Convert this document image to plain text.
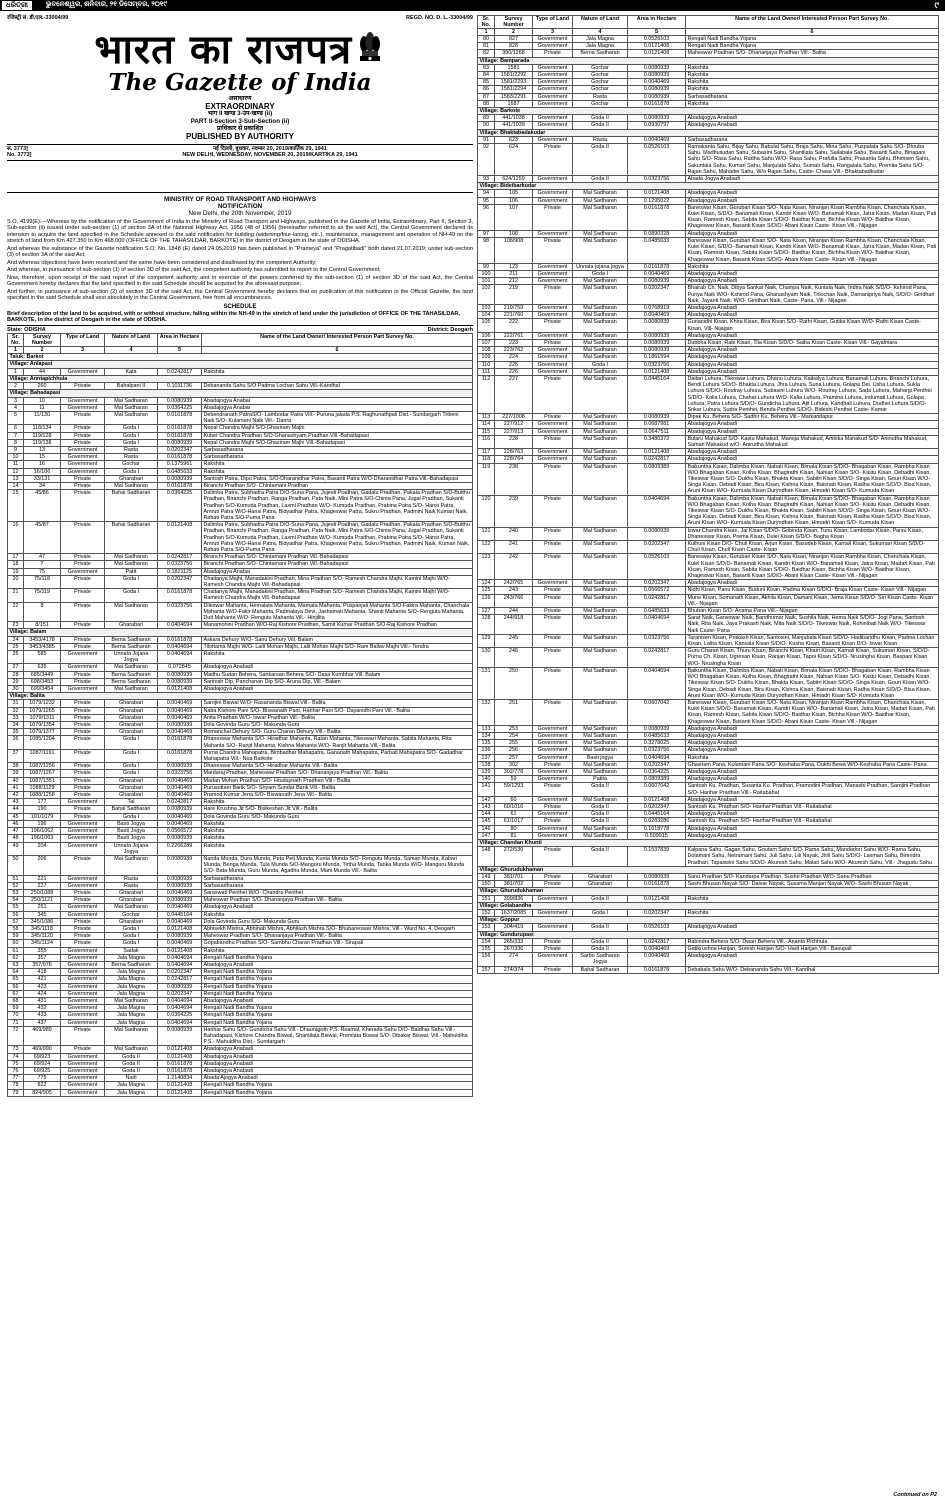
ଧରିତ୍ରୀ	ଭୁବନେଶ୍ୱର, ଶନିବାର, ୨୧ ଡିସେମ୍ବର, ୨୦୧୯	୯
रजिस्ट्री सं. डी.एल.-33004/99	REGD. NO. D. L.-33004/99
भारत का राजपत्र
The Gazette of India
असाधारण
EXTRAORDINARY
भाग II खण्ड 3-उप-खण्ड (ii)
PART II-Section 3-Sub-Section (ii)
प्राधिकार से प्रकाशित
PUBLISHED BY AUTHORITY
सं. 3773]	नई दिल्ली, बुधवार, नवम्बर 20, 2019/कार्तिक 29, 1941
No. 3773]	NEW DELHI, WEDNESDAY, NOVEMBER 20, 2019/KARTIKA 29, 1941
MINISTRY OF ROAD TRANSPORT AND HIGHWAYS
NOTIFICATION
New Delhi, the 20th November, 2019
S.O. 4199(E).—Whereas by the notification of the Government of India in the Ministry of Road Transport and Highways, published in the Gazette of India, Extraordinary, Part II, Section 3, Sub-section (ii) issued under sub-section (1) of section 3A of the National Highway Act, 1956 (48 of 1956) (hereinafter referred to as the said Act), the Central Government declared its intension to acquire the land specified in the Schedule annexed to the said notification for building (widening/four-laning, etc.), maintenance, management and operation of NH-49 on the stretch of land from Km 427.350 to Km 468.000 (OFFICE OF THE TAHASILDAR, BARKOTE) in the district of Deogarh in the state of ODISHA.
And whereas the substance of the Gazette notification S.O. No. 1848 (E) dated 24.05.2019 has been published in "Prameya" and "Pragatibadi" both dated 21.07.2019; under sub-section (3) of section 3A of the said Act;
And whereas objections have been received and the same have been considered and disallowed by the competent Authority;
And whereas, in pursuance of sub-section (1) of section 3D of the said Act, the competent authority has submitted its report to the Central Government;
Now, therefore, upon receipt of the said report of the competent authority and in exercise of the powers conferred by the sub-section (1) of section 3D of the said Act, the Central Government hereby declares that the land specified in the said Schedule should be acquired for the aforesaid purpose;
And further, in pursuance of sub-section (2) of section 3D of the said Act, the Central Government hereby declares that on publication of this notification in the Official Gazette, the land specified in the said Schedule shall vest absolutely in the Central Government, free from all encumbrances.
SCHEDULE
Brief description of the land to be acquired, with or without structure, falling within the NH-49 in the stretch of land under the jurisdiction of OFFICE OF THE TAHASILDAR, BARKOTE, in the district of Deogarh in the state of ODISHA.
State: ODISHA	District: Deogarh
Sr. No.	Survey Number	Type of Land	Nature of Land	Area in Hectare	Name of the Land Owner/ Interested Person Part Survey No.
1	2	3	4	5	6
Taluk: Barkot					
Village: Anlapasi					
1	44	Government	Kata	0.0242817	Rakshita
Village: Anntapichhula					
2	260	Private	Bahalpani II	0.1011736	Debananda Sahu S/O Padma Lochan Sahu Vill.-Kandhal
Village: Bahadapasi					
3	10	Government	Mal Sadharan	0.0080939	Abadajogya Anabai
4	11	Government	Mal Sadharan	0.0364225	Abadajogya Anabai
5	11/130	Private	Mal Sadharan	0.0161878	Debendranath PatraS/O- Lambodar Patra Vill.- Puruna jalada P.S. Raghunathpali Dist.- Sundargarh Tribeni Naik S/O- Kulamani Naik Vill.- Danra
6	118/134	Private	Goda I	0.0161878	Nepal Chandra Majhi S/O-Ghasiram Majhi
7	119/128	Private	Goda I	0.0161878	Kuber Chandra Pradhan S/O-Ghanashyam Pradhan Vill.-Bahadapasi
8	119/138	Private	Goda I	0.0080939	Nepal Chandra Majhi S/O-Ghasiram Majhi Vill.-Bahadapasi
9	13	Government	Rasta	0.0202347	Sarbasadharana
10	15	Government	Rasta	0.0161878	Sarbasadharana
11	16	Government	Gochar	0.1375961	Rakshita
12	16/106	Government	Goda I	0.0485633	Rakshita
13	33/131	Private	Gharabari	0.0080939	Santosh Patra, Dipu Patra, S/O-Dharanidhar Patra, Basanti Patra W/O-Dharanidhar Patra Vill.-Bahadapasi
14	34	Private	Mal Sadharan	0.0161878	Biranchi Pradhan S/O- Chintamani Pradhan
15	45/86	Private	Bahal Sadharan	0.0364225	Dalimba Patra, Subhadra Patra D/O-Suna Pana, Jujesti Pradhan, Gadalu Pradhan, Pakala Pradhan S/O-Butthu Pradhan, Biranchi Pradhan, Ranga Pradhan, Pata Naik, Mini Patra S/O-Chinta Pana, Jugal Pradhan, Sukanti Pradhan S/O-Kumuda Pradhan, Laxmi Pradhan W/O- Kumuda Pradhan, Prabina Patra S/O- Hansi Patra, Amruti Patra W/O-Hansi Patra, Bidyadhar Patra, Khageswar Patra, Sukru Pradhan, Padmini Naik Kumari Naik, Rebati Patra S/O-Purna Pana
16	45/87	Private	Bahal Sadharan	0.0121408	Dalimba Patra, Subhadra Patra D/O-Suna Pana, Jujesti Pradhan, Gadalu Pradhan, Pakala Pradhan S/O-Butthu Pradhan, Biranchi Pradhan, Ranga Pradhan, Pata Naik, Mini Patra S/O-Chinta Pana, Jugal Pradhan, Sukanti Pradhan S/O-Kumuda Pradhan, Laxmi Pradhan W/O- Kumuda Pradhan, Prabina Patra S/O- Hansi Patra, Amruti Patra W/O-Hansi Patra, Bidyadhar Patra, Khageswar Patra, Sukru Pradhan, Padmini Naik, Kumari Naik, Rebati Patra S/O-Purna Pana
17	47	Private	Mal Sadharan	0.0242817	Biranchi Pradhan S/O- Chintamani Pradhan Vill.-Bahadapasi
18	7	Private	Mal Sadharan	0.0323756	Biranchi Pradhan S/O- Chintamani Pradhan Vill.-Bahadapasi
19	75	Government	Patit	0.1821125	Abadajogya Anabai
20	75/118	Private	Goda I	0.0202347	Chaitanya Majhi, Manadakini Pradhan, Mina Pradhan S/O- Ramesh Chandra Majhi, Kamini Majhi W/O- Ramesh Chandra Majhi Vill.-Bahadapasi
21	75/119	Private	Goda I	0.0161878	Chaitanya Majhi, Manadakini Pradhan, Mina Pradhan S/O- Ramesh Chandra Majhi, Kamini Majhi W/O- Ramesh Chandra Majhi Vill.-Bahadapasi
22	8	Private	Mal Sadharan	0.0323756	Dileswar Mahanta, Hemalata Mahanta, Mamata Mahanta, Puspanjali Mahanta S/O-Fakira Mahanta, Chanchala Mahanta W/O-Fakir Mahanta, Padmalaya Devi, Jashamati Mahanta, Shanti Mahanta S/O- Rengutu Mahanta, Duti Mahanta W/O- Rengutu Mahanta Vill.- Hinjilita
23	8/151	Private	Gharabari	0.0404694	Manamohini Pradhan W/O-Raj Kishore Pradhan, Samit Kumar Pradhan S/O-Raj Kishore Pradhan
Village: Balam					
24	3453/4178	Private	Berna Sadharan	0.0161878	Askara Dehury W/O- Sanu Dehury Vill. Balam
25	3453/4385	Private	Berna Sadharan	0.0404694	Tilottama Majhi W/O- Lalit Mohan Majhi, Lalit Mohan Majhi S/O- Ram Ballav Majhi Vill.- Tendra
26	585	Government	Unnata Jojana Jogya	0.0404694	Rakshita
27	635	Government	Mal Sadharan	0.072845	Abadajogya Anabadi
28	685/3449	Private	Berna Sadharan	0.0080939	Madhu Sudan Behera, Sankarsan Behera S/O- Dasa Kumbhar Vill. Balam
29	698/3453	Private	Berna Sadharan	0.0080939	Santosh Dip, Panchanan Dip S/O- Aruna Dip, Vill.- Balam
30	699/3454	Government	Mal Sadharan	0.0121408	Abadajogya Anabadi
Village: Balita					
31	1079/1232	Private	Gharabari	0.0040469	Sarojini Biswal W/O- Rasananda Biswal Vill.- Balita
32	1079/1265	Private	Gharabari	0.0040469	Naba Kishore Pani S/O- Biswanath Pani, Harihar Pani S/O- Dayanidhi Pani Vill.- Balita
33	1079/1311	Private	Gharabari	0.0040469	Anita Pradhan W/O- Iswar Pradhan Vill.- Balita
34	1079/1354	Private	Gharabari	0.0080939	Dola Govinda Guru S/O- Makunda Guru
35	1079/1377	Private	Gharabari	0.0040469	Romanchal Dehury S/O- Guru Charan Dehury Vill.- Balita
36	1085/1204	Private	Goda I	0.0161878	Dhaneswar Mahanta S/O- Hiradhar Mahanta, Ratan Mahanta, Tikeswari Mahanta, Sabita Mahanta, Rita Mahanta S/O- Ranjit Mahanta, Kishna Mahanta W/O- Ranjit Mahanta Vill.- Balita
37	1087/1191	Private	Goda I	0.0161878	Purna Chandra Mahapatra, Bimbadhar Mahapatra, Gananath Mahapatra, Parbati Mahapatra S/O- Gadadhar Mahapatra Vill.- Nua Barkote
38	1087/1256	Private	Goda I	0.0080939	Dhaneswar Mahanta S/O- Hiradhar Mahanta Vill.- Balita
39	1087/1267	Private	Goda I	0.0323756	Mardaraj Pradhan, Maheswar Pradhan S/O- Dhananjaya Pradhan Vill.- Balita
40	1087/1351	Private	Gharabari	0.0040469	Madan Mohan Pradhan S/O- Hrudaynath Pradhan Vill.- Balita
41	1088/1129	Private	Gharabari	0.0040469	Purusottam Barik S/O- Shyam Sundar Barik Vill.- Balita
42	1088/1258	Private	Gharabari	0.0040469	Pramod Kumar Jena S/O- Biswanath Jena Vill.- Balita
43	177	Government	Tal	0.0242817	Rakshita
44	190	Private	Bahal Sadharan	0.0080939	Hare Krushna Jit S/O- Bisikeshan Jit Vill.- Balita
45	191/1079	Private	Goda I	0.0040469	Dola Govinda Guru S/O- Makunda Guru
46	196	Government	Basti Jogya	0.0040469	Rakshita
47	196/1062	Government	Basti Jogya	0.0566572	Rakshita
48	196/1063	Government	Basti Jogya	0.0080939	Rakshita
49	204	Government	Unnata Jojana Jogya	0.2266289	Rakshita
50	206	Private	Mal Sadharan	0.0080939	Nanda Munda, Dura Munda, Peta Peti Munda, Kunta Munda S/O- Rengutu Munda, Saman Munda, Kabari Munda, Benga Munda, Tula Munda S/O-Manguru Munda, Tirtha Munda, Tanka Munda W/O- Manguru Munda S/O- Bata Munda, Guru Munda, Agadhu Munda, Mani Munda Vill.- Balita
51	221	Government	Rasta	0.0080939	Sarbasadharana
52	227	Government	Rasta	0.0080939	Sarbasadharana
53	250/1088	Private	Gharabari	0.0040469	Saraswati Penthei W/O- Chandra Penthei
54	250/1121	Private	Gharabari	0.0080939	Maheswar Pradhan S/O- Dhananjaya Pradhan Vill.- Balita
55	251	Government	Mal Sadharan	0.0040469	Abadajogya Anabadi
56	345	Government	Gochar	0.0445164	Rakshita
57	345/1086	Private	Gharabari	0.0040469	Dola Govinda Guru S/O- Makunda Guru
58	345/1118	Private	Goda I	0.0121408	Abhisekh Mishra, Abhinab Mishra, Abhilash Mishra S/O- Bhubaneswar Mishra, Vill.- Ward No. 4, Deogarh
59	345/1120	Private	Goda I	0.0080939	Maheswar Pradhan S/O- Dhananjaya Pradhan Vill.- Balita
60	345/1124	Private	Goda I	0.0040469	Gopabandhu Pradhan S/O- Sambhu Charan Pradhan Vill.- Sirapali
61	355	Government	Sadak	0.0121408	Rakshita
62	357	Government	Jala Magna	0.0404694	Rengali Nadi Bandha Yojana
63	357/976	Government	Berna Sadharan	0.0404694	Abadajogya Anabadi
64	418	Government	Jala Magna	0.0202347	Rengali Nadi Bandha Yojana
65	421	Government	Jala Magna	0.0242817	Rengali Nadi Bandha Yojana
66	423	Government	Jala Magna	0.0080939	Rengali Nadi Bandha Yojana
67	424	Government	Jala Magna	0.0202347	Rengali Nadi Bandha Yojana
68	431	Government	Mal Sadharan	0.0404694	Abadajogya Anabadi
69	432	Government	Jala Magna	0.0404694	Rengali Nadi Bandha Yojana
70	433	Government	Jala Magna	0.0364225	Rengali Nadi Bandha Yojana
71	437	Government	Jala Magna	0.0404694	Rengali Nadi Bandha Yojana
72	469/989	Private	Mal Sadharan	0.0080939	Harihar Sahu S/O- Gundicha Sahu Vill.- Dhauragoth P.S. Reamal, Kherada Sahu D/O- Baidhar Sahu Vill.- Bahadapasi, Kishore Chandra Biswal, Shantilata Biswal, Premlata Biswal S/O- Dibakar Biswal, Vill.- Mahuldiha P.S.- Mahuldiha Dist.- Sundargarh
73	469/990	Private	Mal Sadharan	0.0121408	Abadajogya Anabadi
74	69/923	Government	Goda II	0.0121408	Abadajogya Anabadi
75	69/924	Government	Goda II	0.0161878	Abadajogya Anabadi
76	69/925	Government	Goda II	0.0161878	Abadajogya Anabadi
77	775	Government	Nadi	1.2140834	Abada Ajogya Anabadi
78	822	Government	Jala Magna	0.0121408	Rengali Nadi Bandha Yojana
79	824/905	Government	Jala Magna	0.0121408	Rengali Nadi Bandha Yojana
Sr. No.	Survey Number	Type of Land	Nature of Land	Area in Hectare	Name of the Land Owner/ Interested Person Part Survey No.
1	2	3	4	5	6
80	827	Government	Jala Magna	0.0526103	Rengali Nadi Bandha Yojana
81	828	Government	Jala Magna	0.0121408	Rengali Nadi Bandha Yojana
82	990/1268	Private	Berna Sadharan	0.0121408	Maheswar Pradhan S/O- Dhananjaya Pradhan Vill.- Balita
Village: Bamparada					
83	1581	Government	Gochar	0.0080939	Rakshita
84	1581/2292	Government	Gochar	0.0080939	Rakshita
85	1581/2293	Government	Gochar	0.0040469	Rakshita
86	1581/2294	Government	Gochar	0.0080939	Rakshita
87	1583/2291	Government	Rasta	0.0080939	Sarbasadharana
88	1687	Government	Gochar	0.0161878	Rakshita
Village: Barkote					
89	441/1038	Government	Goda II	0.0080939	Abadajogya Anabadi
90	441/1039	Government	Goda II	0.0930797	Abadajogya Anabadi
Village: Bhaktabadakudar					
91	623	Government	Rasta	0.0040469	Sarbasadharana
92	624	Private	Goda II	0.0526103	Ramakanta Sahu, Bijay Sahu, Babulal Sahu, Braja Sahu, Mina Sahu, Puspalata Sahu S/O- Dhruba Sahu, Madhusudan Sahu, Subasini Sahu, Shantilata Sahu, Sailabala Sahu, Basanti Sahu, Binapani Sahu S/O- Rasa Sahu, Radha Sahu W/O- Rasa Sahu, Prafulla Sahu, Prasanta Sahu, Bhimsen Sahu, Sakuntala Sahu, Kumari Sahu, Manjulata Sahu, Sumati Sahu, Rangalata Sahu, Premita Sahu S/O- Rajan Sahu, Mahadei Sahu, W/o Rajan Sahu, Caste- Chasa Vill.- Bhaktabadkudar
93	624/1259	Government	Goda II	0.0323756	Abada Jogya Anabadi
Village: Bideibarkudar					
94	105	Government	Mal Sadharan	0.0121408	Abadajogya Anabadi
95	106	Government	Mal Sadharan	0.1295022	Abadajogya Anabadi
96	107	Private	Mal Sadharan	0.0161878	Baneswar Kisan, Gurubari Kisan S/O- Nata Kisan, Niranjan Kisan Rambha Kisan, Chanchala Kisan, Kulei Kisan, S/D/O- Banamali Kisan, Kandri Kisan W/O- Banamali Kisan, Jatra Kisan, Madan Kisan, Pati Kisan, Ramesh Kisan, Sabita Kisan S/D/O- Baidhar Kisan, Bichha Kisan W/O- Baidhar Kisan, Khageswar Kisan, Basanti Kisan S/D/O- Abani Kisan Caste- Kisan Vill.- Nijagan
97	108	Government	Mal Sadharan	0.0890328	Abadajogya Anabadi
98	108/908	Private	Mal Sadharan	0.0485633	Baneswar Kisan, Gurubari Kisan S/O- Nata Kisan, Niranjan Kisan Rambha Kisan, Chanchala Kisan, Kulei Kisan, S/D/O- Banamali Kisan, Kandri Kisan W/O- Banamali Kisan, Jatra Kisan, Madan Kisan, Pati Kisan, Ramesh Kisan, Sabita Kisan S/D/O- Baidhar Kisan, Bichha Kisan W/O- Baidhar Kisan, Khageswar Kisan, Basanti Kisan S/D/O- Abani Kisan Caste- Kisan Vill.- Nijagan
99	123	Government	Unnata jojana jogya	0.0161878	Rakshita
100	211	Government	Goda I	0.0040469	Abadajogya Anabadi
101	212	Government	Mal Sadharan	0.0080939	Abadajogya Anabadi
102	219	Private	Mal Sadharan	0.0202347	Bhairab Ch. Naik, Dibya Sankar Naik, Champa Naik, Kuntala Naik, Indira Naik S/D/O- Kshirod Pana, Punya Naik W/O- Kshirod Pana, Ghanashyam Naik, Trilochan Naik, Damanipriya Naik, S/D/O- Giridhari Naik, Jayanti Naik, W/O- Giridhari Naik, Caste- Pana, Vill.- Nijagan
103	219/759	Government	Mal Sadharan	0.0768919	Abadajogya Anabadi
104	221/760	Government	Mal Sadharan	0.0040469	Abadajogya Anabadi
105	222	Private	Mal Sadharan	0.0080939	Gunanidhi Kisan, Khira Kisan, Bira Kisan S/O- Rathi Kisan, Gutika Kisan W/O- Rathi Kisan Caste- Kisan, Vill- Nijagan
106	222/761	Government	Mal Sadharan	0.0080939	Abadajogya Anabadi
107	223	Private	Mal Sadharan	0.0080939	Dubbha Kisan, Rabi Kisan, Tila Kisan S/D/O- Saiba Kisan Caste- Kisan Vill.- Gayalmara
108	223/762	Government	Mal Sadharan	0.0080939	Abadajogya Anabadi
109	224	Government	Mal Sadharan	0.1861594	Abadajogya Anabadi
110	225	Government	Goda I	0.0323756	Abadajogya Anabadi
111	226	Government	Mal Sadharan	0.0121408	Abadajogya Anabadi
112	227	Private	Mal Sadharan	0.0445164	Daitari Luhura, Tikeswar Luhura, Dhanu Luhura, Kaibalya Luhura, Banamali Luhura, Biranchi Luhura, Bendi Luhura S/D/O- Bhakta Luhura, Jhra Luhura, Suna Luhura, Golapa Dei, Usha Luhura, Sukla Luhura S/D/O- Routray Luhura, Subasini Luhura W/O- Routray Luhura, Sada Luhura, Mahargi Penthei S/D/O- Kalia Luhura, Chahat Luhura W/O- Kalia Luhura, Pramina Luhura, Indumati Luhura, Golapa Luhura, Patra Luhura S/D/O- Gundicha Luhura, Ajit Luhura, Kandhali Luhura, Dudhel Luhura S/D/O- Srikar Luhura, Sudra Penthei, Benda Penthei S/D/O- Bideshi Penthei Caste- Kamar
113	227/1008	Private	Mal Sadharan	0.0080939	Dipak Ku. Behera S/O- Sudhir Ku. Behera Vill.- Markandapur
114	227/912	Government	Mal Sadharan	0.0687981	Abadajogya Anabadi
115	227/913	Government	Mal Sadharan	0.0647511	Abadajogya Anabadi
116	228	Private	Mal Sadharan	0.3480372	Bularu Mahakud S/O- Kastu Mahakud, Manoja Mahakud, Ambika Mahakud S/O- Anirudha Mahakud, Samari Mahakud w/O- Anirudha Mahakud
117	228/763	Government	Mal Sadharan	0.0121408	Abadajogya Anabadi
118	228/764	Government	Mal Sadharan	0.0242817	Abadajogya Anabadi
119	238	Private	Mal Sadharan	0.0809389	Baikuntha Kisan, Dalimba Kisan, Nabati Kisan, Bimala Kisan S/D/O- Bhagaban Kisan, Rambha Kisan W/O Bhagaban Kisan, Kolha Kisan, Bhagirathi Kisan, Nahian Kisan S/O- Kastu Kisan, Debadhi Kisan, Tikeswar Kisan S/O- Dukhu Kisan, Bhakta Kisan, Sabitri Kisan S/D/O- Singa Kisan, Gouri Kisan W/O- Singa Kisan, Debadi Kisan, Bira Kisan, Kishna Kisan, Baisnab Kisan, Radha Kisan S/D/O- Bisa Kisan, Aruni Kisan W/O- Kumuda Kisan Duryodhan Kisan, Himadri Kisan S/O- Kumuda Kisan
120	239	Private	Mal Sadharan	0.0404694	Baikuntha Kisan, Dalimba Kisan, Nabati Kisan, Bimala Kisan S/D/O- Bhagaban Kisan, Rambha Kisan W/O Bhagaban Kisan, Kolha Kisan, Bhagirathi Kisan, Nahian Kisan S/O- Kastu Kisan, Debadhi Kisan, Tikeswar Kisan S/O- Dukhu Kisan, Bhakta Kisan, Sabitri Kisan S/D/O- Singa Kisan, Gouri Kisan W/O- Singa Kisan, Debadi Kisan, Bira Kisan, Kishna Kisan, Baisnab Kisan, Radha Kisan S/D/O- Bisa Kisan, Aruni Kisan W/O- Kumuda Kisan Duryodhan Kisan, Himadri Kisan S/O- Kumuda Kisan
121	240	Private	Mal Sadharan	0.0080939	Iswar Chandra Kisan, Jai Kisan S/D/O- Gobinda Kisan, Tunu Kisan, Lambodar Kisan, Parsu Kisan, Dhaneswar Kisan, Prema Kisan, Dulei Kisan S/D/O- Bagha Kisan
122	241	Private	Mal Sadharan	0.0202347	Kulhuni Kisan D/O- Chuli Kisan, Arjun Kisan, Basudeb Kisan, Kamali Kisan, Sukumari Kisan S/D/O- Chuli Kisan, Chuli Kisan Caste- Kisan
123	242	Private	Mal Sadharan	0.0526103	Baneswar Kisan, Gurubari Kisan S/O- Nata Kisan, Niranjan Kisan Rambha Kisan, Chanchala Kisan, Kulei Kisan S/D/O- Banamali Kisan, Kandri Kisan W/O- Banamali Kisan, Jatra Kisan, Madan Kisan, Pati Kisan, Ramesh Kisan, Sabita Kisan S/D/O- Baidhar Kisan, Bichha Kisan W/O- Baidhar Kisan, Khageswar Kisan, Basanti Kisan S/D/O- Abani Kisan Caste- Kisan Vill.- Nijagan
124	242/765	Government	Mal Sadharan	0.0202347	Abadajogya Anabadi
125	243	Private	Mal Sadharan	0.0566572	Nidhi Kisan, Panu Kisan, Buduni Kisan, Padma Kisan S/D/O- Braja Kisan Caste- Kisan Vill.- Nijagan
126	243/766	Private	Mal Sadharan	0.0242817	Muna Kisan, Somanath Kisan, Akhila Kisan, Damani Kisan, Jema Kisan S/D/O- Siri Kisan Caste- Kisan Vill.- Nijagan
127	244	Private	Mal Sadharan	0.0485633	Bhuban Kisan S/O- Anama Pana Vill.- Nijagan
128	244/918	Private	Mal Sadharan	0.0404694	Sarat Naik, Ganeswar Naik, Bandhumar Naik, Sushila Naik, Hema Naik S/D/O- Jogi Pana, Santosh Naik, Rita Naik, Jaya Prakash Naik, Mita Naik S/D/O- Tikeswar Naik, Rohinibati Naik W/O- Tikeswar Naik Caste- Pana
129	245	Private	Mal Sadharan	0.0323756	Taranisen Kisan, Prakash Kisan, Santosini, Manjubala Kisan S/D/O- Hadibandhu Kisan, Padma Lochan Kisan, Lalita Kisan, Kansala Kisan S/D/O- Kusha Kisan, Basanti Kisan D/O- Iswar Kisan
130	246	Private	Mal Sadharan	0.0242817	Guru Charan Kisan, Thuru Kisan, Biranchi Kisan, Khairi Kisan, Kamali Kisan, Sukumari Kisan, S/D/O- Purna Ch. Kisan, Ugresan Kisan, Ranjan Kisan, Tapoi Kisan S/D/O- Nrusingha Kisan, Baspani Kisan W/O- Nrusingha Kisan
131	250	Private	Mal Sadharan	0.0404694	Baikuntha Kisan, Dalimba Kisan, Nabati Kisan, Bimala Kisan S/D/O- Bhagaban Kisan, Rambha Kisan W/O Bhagaban Kisan, Kolha Kisan, Bhagirathi Kisan, Nahian Kisan S/O- Kastu Kisan, Debadhi Kisan, Tikeswar Kisan S/O- Dukhu Kisan, Bhakta Kisan, Sabitri Kisan S/D/O- Singa Kisan, Gouri Kisan W/O- Singa Kisan, Debadi Kisan, Bira Kisan, Kishna Kisan, Baisnab Kisan, Radha Kisan S/D/O- Bisa Kisan, Aruni Kisan W/O- Kumuda Kisan Duryodhan Kisan, Himadri Kisan S/O- Kumuda Kisan
132	251	Private	Mal Sadharan	0.0607042	Baneswar Kisan, Gurubari Kisan S/O- Nata Kisan, Niranjan Kisan Rambha Kisan, Chanchala Kisan, Kulei Kisan S/D/O- Banamali Kisan, Kandri Kisan W/O- Banamali Kisan, Jatra Kisan, Madan Kisan, Pati Kisan, Ramesh Kisan, Sabita Kisan S/D/O- Baidhar Kisan, Bichha Kisan W/O- Baidhar Kisan, Khageswar Kisan, Basanti Kisan S/D/O- Abani Kisan Caste- Kisan Vill.- Nijagan
133	253	Government	Mal Sadharan	0.0080939	Abadajogya Anabadi
134	254	Government	Mal Sadharan	0.0485633	Abadajogya Anabadi
135	255	Government	Mal Sadharan	0.3278025	Abadajogya Anabadi
136	256	Government	Mal Sadharan	0.0323756	Abadajogya Anabadi
137	257	Government	Basti jogya	0.0404694	Rakshita
138	302	Private	Mal Sadharan	0.0202347	Ghasiram Pana, Kulamani Pana S/O- Keshaba Pana, Dukhi Bewa W/O-Keshaba Pana Caste- Pana
139	302/778	Government	Mal Sadharan	0.0364225	Abadajogya Anabadi
140	59	Government	Patita	0.0809389	Abadajogya Anabadi
141	59/1293	Private	Goda II	0.0607042	Santosh Ku. Pradhan, Susanta Ku. Pradhan, Pramodini Pradhan, Manashi Pradhan, Sarojini Pradhan S/O- Harihar Pradhan Vill.- Raitabahal
142	60	Government	Mal Sadharan	0.0121408	Abadajogya Anabadi
143	60/1016	Private	Goda II	0.0202347	Santosh Ku. Pradhan S/O- Harihar Pradhan Vill.- Raitabahal
144	61	Government	Goda II	0.0445164	Abadajogya Anabadi
145	61/1017	Private	Goda II	0.0283286	Santosh Ku. Pradhan S/O- Harihar Pradhan Vill.- Raitabahal
146	80	Government	Mal Sadharan	0.1618778	Abadajogya Anabadi
147	81	Government	Mal Sadharan	0.509915	Abadajogya Anabadi
Village: Chandan Khunti					
148	272/530	Private	Goda II	0.1537839	Kalpana Sahu, Gagan Sahu, Goutam Sahu S/O- Rama Sahu, Mandadori Sahu W/O- Rama Sahu, Dolamani Sahu, Netramani Sahu, Juli Sahu, Lili Nayak, Jhili Sahu S/D/O- Laxman Sahu, Birendra Pradhan, Tapaswini Sahu S/D/O- Akuresh Sahu, Malati Sahu W/O- Akuresh Sahu, Vill.- Jhagudu Sahu
Village: Ghurudukhaman					
149	381/701	Private	Gharabari	0.0080939	Sanu Pradhan S/O- Kandarpa Pradhan, Sushri Pradhan W/O- Sanu Pradhan
150	381/702	Private	Gharabari	0.0161878	Sashi Bhusan Nayak S/O- Daivar Nayak, Susama Manjari Nayak W/O- Sashi Bhusan Nayak
Village: Ghurudukhaman					
151	399/836	Government	Goda II	0.0121408	Rakshita
Village: Golabandha					
152	1637/2085	Government	Goda I	0.0202347	Rakshita
Village: Goppur					
153	304/419	Government	Goda II	0.0526103	Abadajogya Anabadi
Village: Gundurupasi					
154	265/333	Private	Goda II	0.0242817	Rabindra Behera S/O- Dwari Behera Vill.- Ananta Pichhula
155	267/336	Private	Goda II	0.0040469	Gatikrushna Harijan, Suresh Harijan S/O- Hadi Harijan Vill.- Basupali
156	274	Government	Sarbo Sadharan Jogya	0.0040469	Abadajogya Anabadi
157	274/374	Private	Bahal Sadharan	0.0161878	Debabala Sahu W/O- Debananda Sahu Vill.- Kandhal
Continued on P2
